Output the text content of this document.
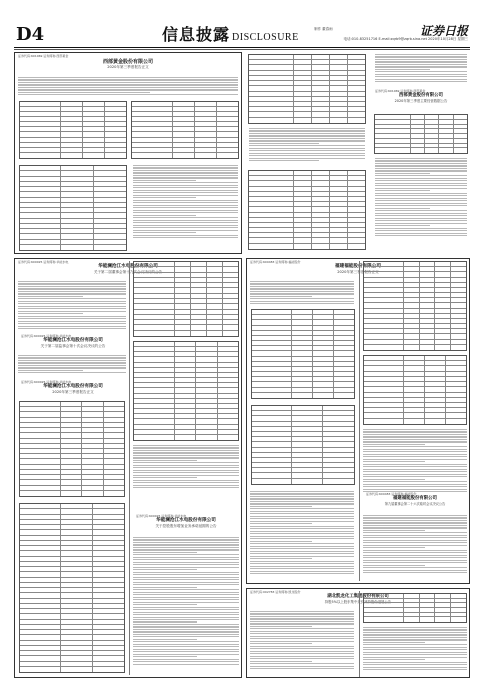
D4	信息披露 DISCLOSURE
制作 董春雨	证券日报
电话:010-83251716 E-mail:zqrb9@zqrb.sina.net 2020年10月28日 星期三
证券代码:601069 证券简称:西部黄金
西部黄金股份有限公司
2020年第三季度报告正文
证券代码:601069 证券简称:西部黄金
西部黄金股份有限公司
2020年第三季度主要经营数据公告
证券代码:600025 证券简称:华能水电
华能澜沧江水电股份有限公司
关于第二届董事会第十九次会议决议的公告
证券代码:600025 证券简称:华能水电
华能澜沧江水电股份有限公司
关于第二届监事会第十次会议决议的公告
证券代码:600025 证券简称:华能水电
华能澜沧江水电股份有限公司
2020年第三季度报告正文
证券代码:600025 证券简称:华能水电
华能澜沧江水电股份有限公司
关于控股股东增加业务承诺延期的公告
证券代码:600483 证券简称:福能股份
福建福能股份有限公司
2020年第三季度报告正文
证券代码:600483 证券简称:福能股份
福建福能股份有限公司
第九届董事会第二十六次临时会议决议公告
证券代码:002783 证券简称:凯龙股份
湖北凯龙化工集团股份有限公司
持股5%以上股东集中竞价减持股份进展公告
